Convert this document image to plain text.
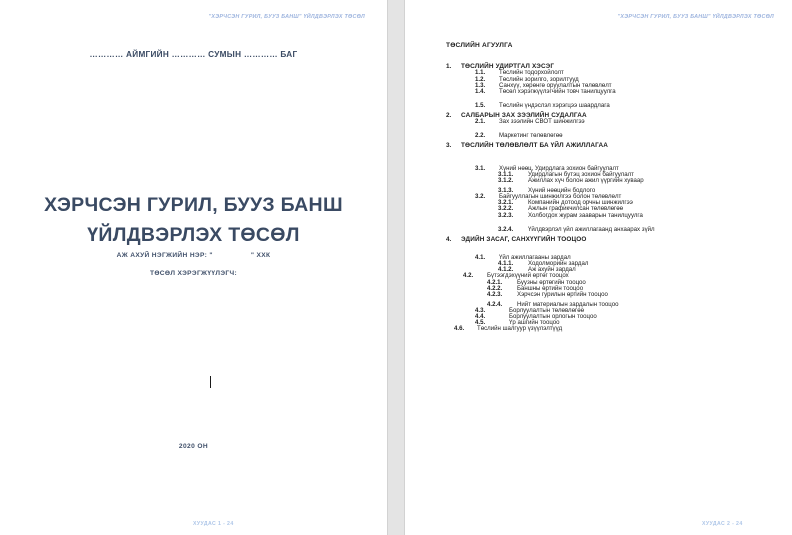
"ХЭРЧСЭН ГУРИЛ, БУУЗ БАНШ" ҮЙЛДВЭРЛЭХ ТӨСӨЛ
………… АЙМГИЙН ………… СУМЫН ………… БАГ
ХЭРЧСЭН ГУРИЛ, БУУЗ БАНШ
ҮЙЛДВЭРЛЭХ ТӨСӨЛ
АЖ АХУЙ НЭГЖИЙН НЭР: "	" ХХК
ТӨСӨЛ ХЭРЭГЖҮҮЛЭГЧ:
2020 ОН
ХУУДАС 1 - 24
"ХЭРЧСЭН ГУРИЛ, БУУЗ БАНШ" ҮЙЛДВЭРЛЭХ ТӨСӨЛ
ТӨСЛИЙН АГУУЛГА
1.	ТӨСЛИЙН УДИРТГАЛ ХЭСЭГ
1.1.	Төслийн тодорхойлолт
1.2.	Төслийн зорилго, зорилтууд
1.3.	Санхүү, хөрөнгө оруулалтын төлөвлөлт
1.4.	Төсөл хэрэгжүүлэгчийн товч танилцуулга
1.5.	Төслийн үндэслэл хэрэгцээ шаардлага
2.	САЛБАРЫН ЗАХ ЗЭЭЛИЙН СУДАЛГАА
2.1.	Зах зээлийн СВОТ шинжилгээ
2.2.	Маркетинг төлөвлөгөө
3.	ТӨСЛИЙН ТӨЛӨВЛӨЛТ БА ҮЙЛ АЖИЛЛАГАА
3.1.	Хүний нөөц, Удирдлага зохион байгуулалт
3.1.1.	Удирдлагын бүтэц зохион байгуулалт
3.1.2.	Ажиллах хүч болон ажил үүргийн хуваар
3.1.3.	Хүний нөөцийн бодлого
3.2.	Байгууллагын шинжилгээ болон төлөвлөлт
3.2.1.	Компанийн дотоод орчны шинжилгээ
3.2.2.	Ажлын графикчилсан төлөвлөгөө
3.2.3.	Холбогдох журам зааварын танилцуулга
3.2.4.	Үйлдвэрлэл үйл ажиллагаанд анхаарах зүйл
4.	ЭДИЙН ЗАСАГ, САНХҮҮГИЙН ТООЦОО
4.1.	Үйл ажиллагааны зардал
4.1.1.	Ходолморийн зардал
4.1.2.	Аж ахуйн зардал
4.2.	Бүтээгдэхүүний өртөг тооцох
4.2.1.	Буузны өртөгийн тооцоо
4.2.2.	Баншны өртийн тооцоо
4.2.3.	Хэрчсэн гурилын өртийн тооцоо
4.2.4.	Нийт материалын зардалын тооцоо
4.3.	Борлуулалтын төлөвлөгөө
4.4.	Борлуулалтын орлогын тооцоо
4.5.	Үр ашгийн тооцоо
4.6.	Төслийн шалгуур үзүүлэлтүүд
ХУУДАС 2 - 24
